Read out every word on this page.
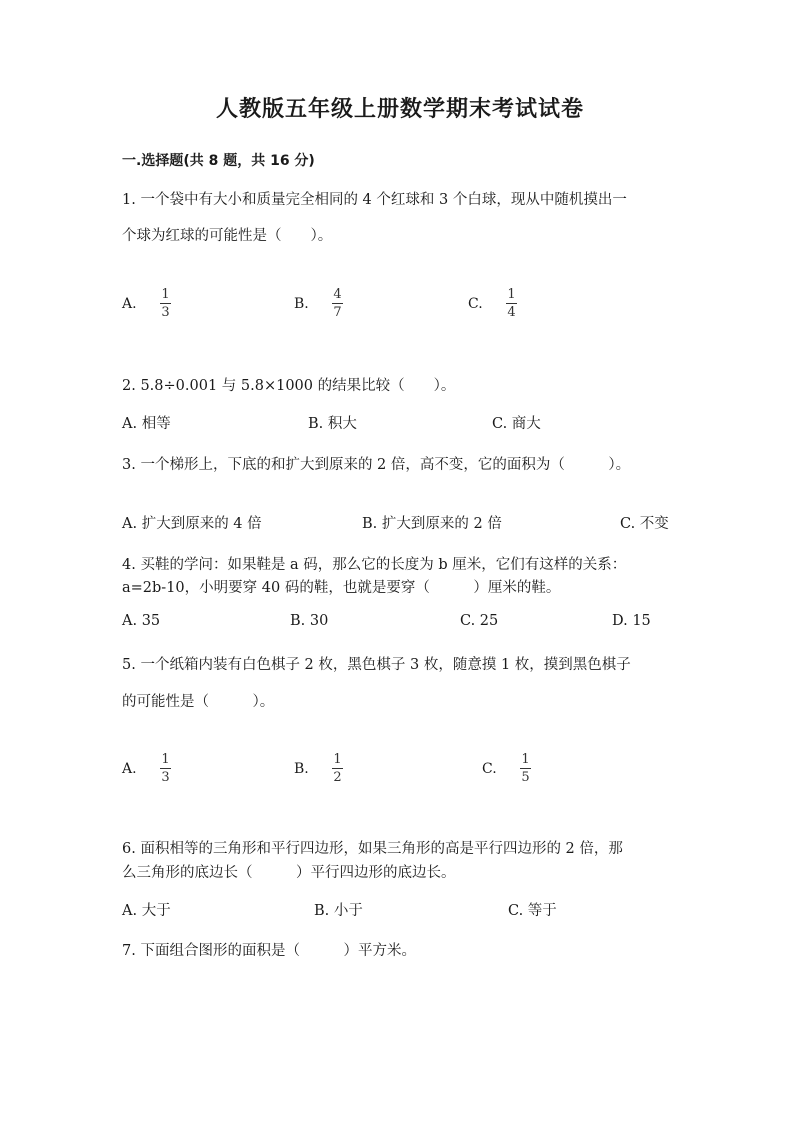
人教版五年级上册数学期末考试试卷
一.选择题(共 8 题，共 16 分)
1. 一个袋中有大小和质量完全相同的 4 个红球和 3 个白球，现从中随机摸出一
个球为红球的可能性是（　　）。
A.	$\frac{1}{3}$	B.	$\frac{4}{7}$	C.	$\frac{1}{4}$
2. 5.8÷0.001 与 5.8×1000 的结果比较（　　）。
A. 相等	B. 积大	C. 商大
3. 一个梯形上，下底的和扩大到原来的 2 倍，高不变，它的面积为（　　　）。
A. 扩大到原来的 4 倍	B. 扩大到原来的 2 倍	C. 不变
4. 买鞋的学问：如果鞋是 a 码，那么它的长度为 b 厘米，它们有这样的关系：
a=2b-10，小明要穿 40 码的鞋，也就是要穿（　　　）厘米的鞋。
A. 35	B. 30	C. 25	D. 15
5. 一个纸箱内装有白色棋子 2 枚，黑色棋子 3 枚，随意摸 1 枚，摸到黑色棋子
的可能性是（　　　）。
A.	$\frac{1}{3}$	B.	$\frac{1}{2}$	C.	$\frac{1}{5}$
6. 面积相等的三角形和平行四边形，如果三角形的高是平行四边形的 2 倍，那
么三角形的底边长（　　　）平行四边形的底边长。
A. 大于	B. 小于	C. 等于
7. 下面组合图形的面积是（　　　）平方米。
